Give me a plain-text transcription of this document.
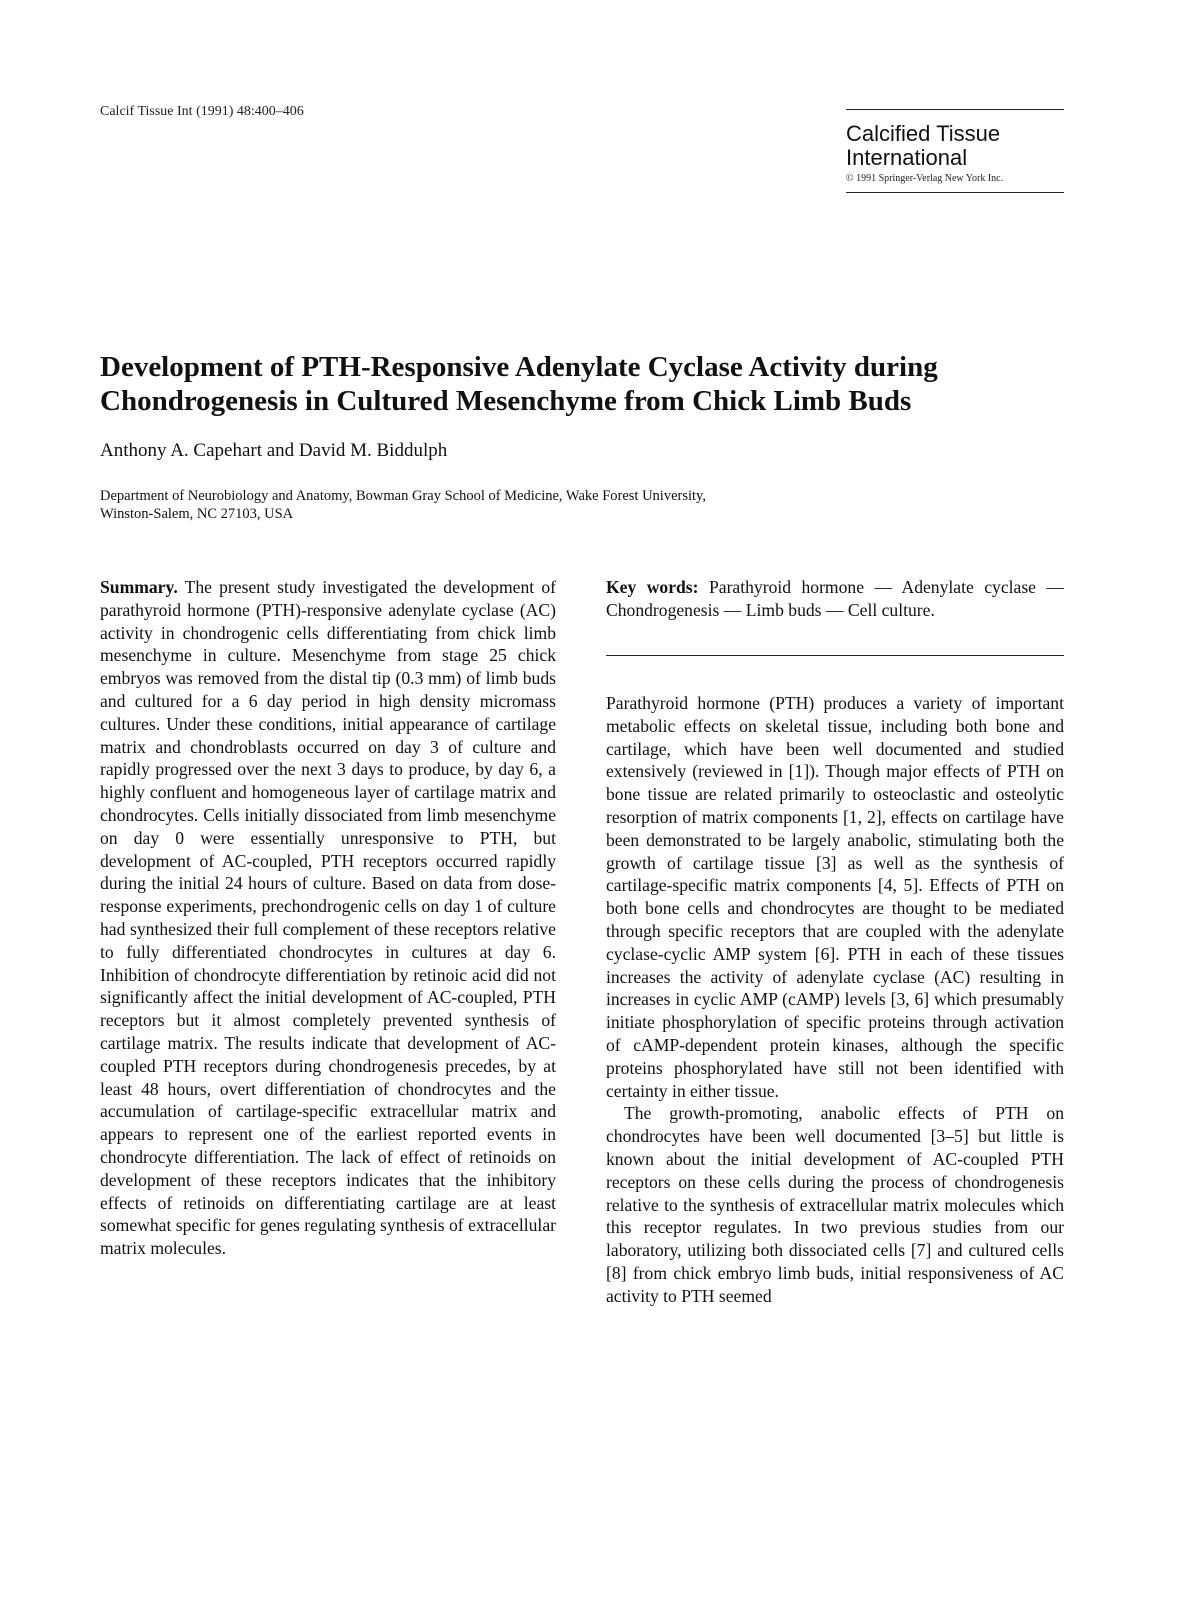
Calcif Tissue Int (1991) 48:400–406
Calcified Tissue
International
© 1991 Springer-Verlag New York Inc.
Development of PTH-Responsive Adenylate Cyclase Activity during Chondrogenesis in Cultured Mesenchyme from Chick Limb Buds
Anthony A. Capehart and David M. Biddulph
Department of Neurobiology and Anatomy, Bowman Gray School of Medicine, Wake Forest University,
Winston-Salem, NC 27103, USA

Summary. The present study investigated the development of parathyroid hormone (PTH)-responsive adenylate cyclase (AC) activity in chondrogenic cells differentiating from chick limb mesenchyme in culture. Mesenchyme from stage 25 chick embryos was removed from the distal tip (0.3 mm) of limb buds and cultured for a 6 day period in high density micromass cultures. Under these conditions, initial appearance of cartilage matrix and chondroblasts occurred on day 3 of culture and rapidly progressed over the next 3 days to produce, by day 6, a highly confluent and homogeneous layer of cartilage matrix and chondrocytes. Cells initially dissociated from limb mesenchyme on day 0 were essentially unresponsive to PTH, but development of AC-coupled, PTH receptors occurred rapidly during the initial 24 hours of culture. Based on data from dose-response experiments, prechondrogenic cells on day 1 of culture had synthesized their full complement of these receptors relative to fully differentiated chondrocytes in cultures at day 6. Inhibition of chondrocyte differentiation by retinoic acid did not significantly affect the initial development of AC-coupled, PTH receptors but it almost completely prevented synthesis of cartilage matrix. The results indicate that development of AC-coupled PTH receptors during chondrogenesis precedes, by at least 48 hours, overt differentiation of chondrocytes and the accumulation of cartilage-specific extracellular matrix and appears to represent one of the earliest reported events in chondrocyte differentiation. The lack of effect of retinoids on development of these receptors indicates that the inhibitory effects of retinoids on differentiating cartilage are at least somewhat specific for genes regulating synthesis of extracellular matrix molecules.

Key words: Parathyroid hormone — Adenylate cyclase — Chondrogenesis — Limb buds — Cell culture.

Parathyroid hormone (PTH) produces a variety of important metabolic effects on skeletal tissue, including both bone and cartilage, which have been well documented and studied extensively (reviewed in [1]). Though major effects of PTH on bone tissue are related primarily to osteoclastic and osteolytic resorption of matrix components [1, 2], effects on cartilage have been demonstrated to be largely anabolic, stimulating both the growth of cartilage tissue [3] as well as the synthesis of cartilage-specific matrix components [4, 5]. Effects of PTH on both bone cells and chondrocytes are thought to be mediated through specific receptors that are coupled with the adenylate cyclase-cyclic AMP system [6]. PTH in each of these tissues increases the activity of adenylate cyclase (AC) resulting in increases in cyclic AMP (cAMP) levels [3, 6] which presumably initiate phosphorylation of specific proteins through activation of cAMP-dependent protein kinases, although the specific proteins phosphorylated have still not been identified with certainty in either tissue.

The growth-promoting, anabolic effects of PTH on chondrocytes have been well documented [3–5] but little is known about the initial development of AC-coupled PTH receptors on these cells during the process of chondrogenesis relative to the synthesis of extracellular matrix molecules which this receptor regulates. In two previous studies from our laboratory, utilizing both dissociated cells [7] and cultured cells [8] from chick embryo limb buds, initial responsiveness of AC activity to PTH seemed
